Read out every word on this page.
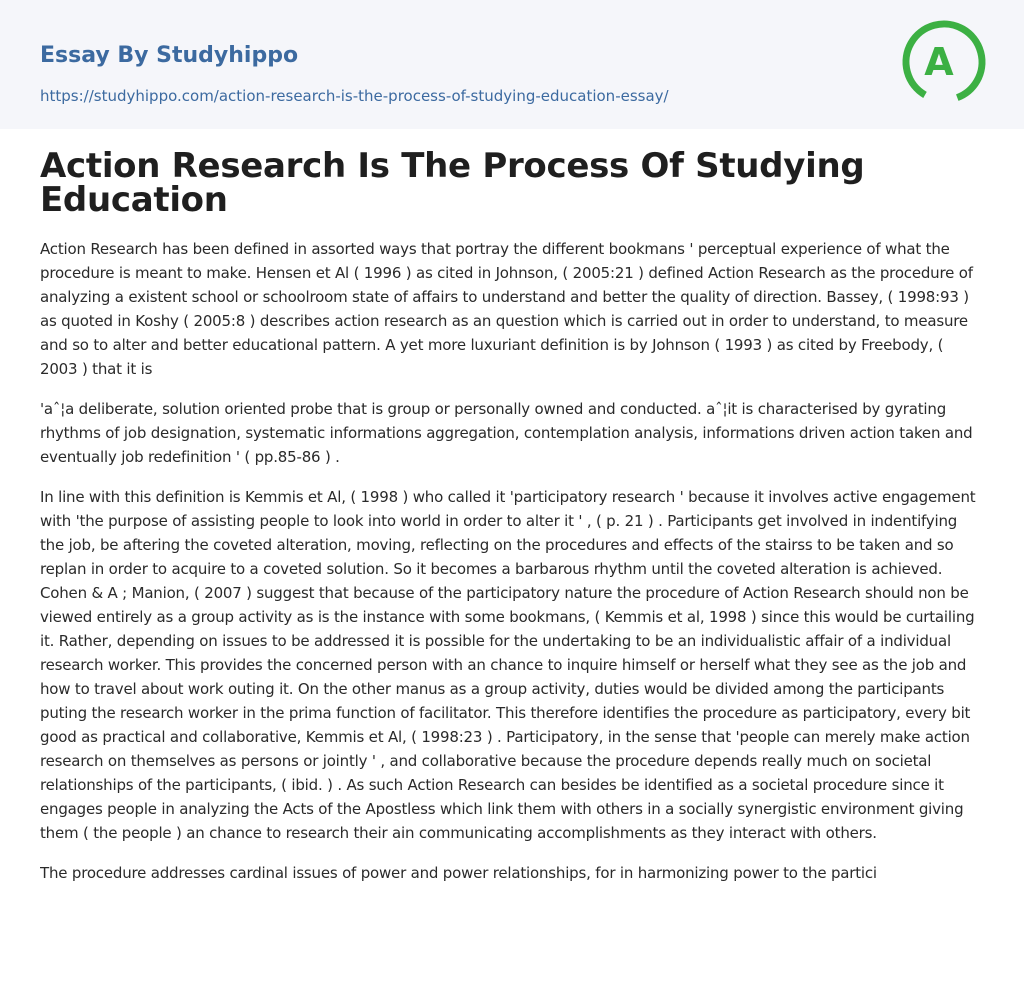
Essay By Studyhippo
https://studyhippo.com/action-research-is-the-process-of-studying-education-essay/
A
Action Research Is The Process Of Studying Education

Action Research has been defined in assorted ways that portray the different bookmans ' perceptual experience of what the procedure is meant to make. Hensen et Al ( 1996 ) as cited in Johnson, ( 2005:21 ) defined Action Research as the procedure of analyzing a existent school or schoolroom state of affairs to understand and better the quality of direction. Bassey, ( 1998:93 ) as quoted in Koshy ( 2005:8 ) describes action research as an question which is carried out in order to understand, to measure and so to alter and better educational pattern. A yet more luxuriant definition is by Johnson ( 1993 ) as cited by Freebody, ( 2003 ) that it is

'aˆ¦a deliberate, solution oriented probe that is group or personally owned and conducted. aˆ¦it is characterised by gyrating rhythms of job designation, systematic informations aggregation, contemplation analysis, informations driven action taken and eventually job redefinition ' ( pp.85-86 ) .

In line with this definition is Kemmis et Al, ( 1998 ) who called it 'participatory research ' because it involves active engagement with 'the purpose of assisting people to look into world in order to alter it ' , ( p. 21 ) . Participants get involved in indentifying the job, be aftering the coveted alteration, moving, reflecting on the procedures and effects of the stairss to be taken and so replan in order to acquire to a coveted solution. So it becomes a barbarous rhythm until the coveted alteration is achieved. Cohen & A ; Manion, ( 2007 ) suggest that because of the participatory nature the procedure of Action Research should non be viewed entirely as a group activity as is the instance with some bookmans, ( Kemmis et al, 1998 ) since this would be curtailing it. Rather, depending on issues to be addressed it is possible for the undertaking to be an individualistic affair of a individual research worker. This provides the concerned person with an chance to inquire himself or herself what they see as the job and how to travel about work outing it. On the other manus as a group activity, duties would be divided among the participants puting the research worker in the prima function of facilitator. This therefore identifies the procedure as participatory, every bit good as practical and collaborative, Kemmis et Al, ( 1998:23 ) . Participatory, in the sense that 'people can merely make action research on themselves as persons or jointly ' , and collaborative because the procedure depends really much on societal relationships of the participants, ( ibid. ) . As such Action Research can besides be identified as a societal procedure since it engages people in analyzing the Acts of the Apostless which link them with others in a socially synergistic environment giving them ( the people ) an chance to research their ain communicating accomplishments as they interact with others.

The procedure addresses cardinal issues of power and power relationships, for in harmonizing power to the partici
